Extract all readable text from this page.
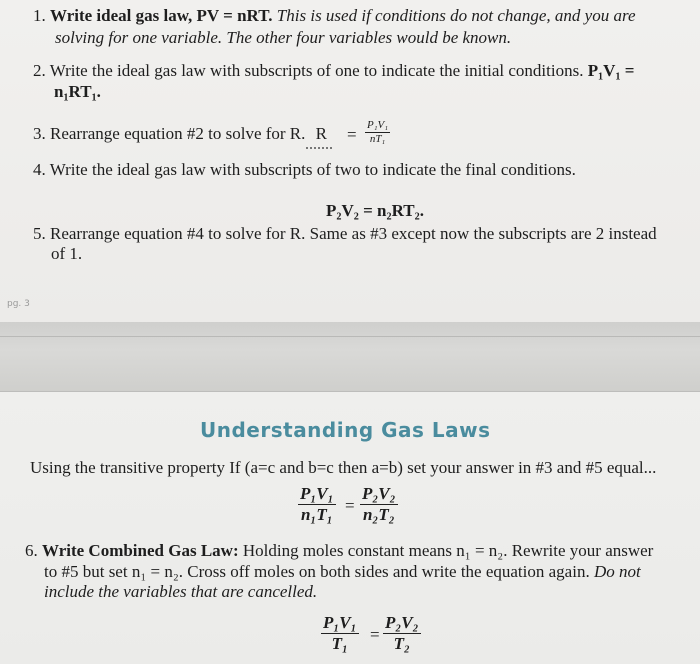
1. Write ideal gas law, PV = nRT. This is used if conditions do not change, and you are
solving for one variable. The other four variables would be known.
2. Write the ideal gas law with subscripts of one to indicate the initial conditions. P₁V₁ =
n₁RT₁.
3. Rearrange equation #2 to solve for R. R = P₁V₁
nT₁
4. Write the ideal gas law with subscripts of two to indicate the final conditions.
P₂V₂ = n₂RT₂.
5. Rearrange equation #4 to solve for R. Same as #3 except now the subscripts are 2 instead
of 1.
pg. 3
Understanding Gas Laws
Using the transitive property If (a=c and b=c then a=b) set your answer in #3 and #5 equal...
P₁V₁
n₁T₁ =
P₂V₂
n₂T₂
6. Write Combined Gas Law: Holding moles constant means n₁ = n₂. Rewrite your answer
to #5 but set n₁ = n₂. Cross off moles on both sides and write the equation again. Do not
include the variables that are cancelled.
P₁V₁
T₁ =
P₂V₂
T₂
